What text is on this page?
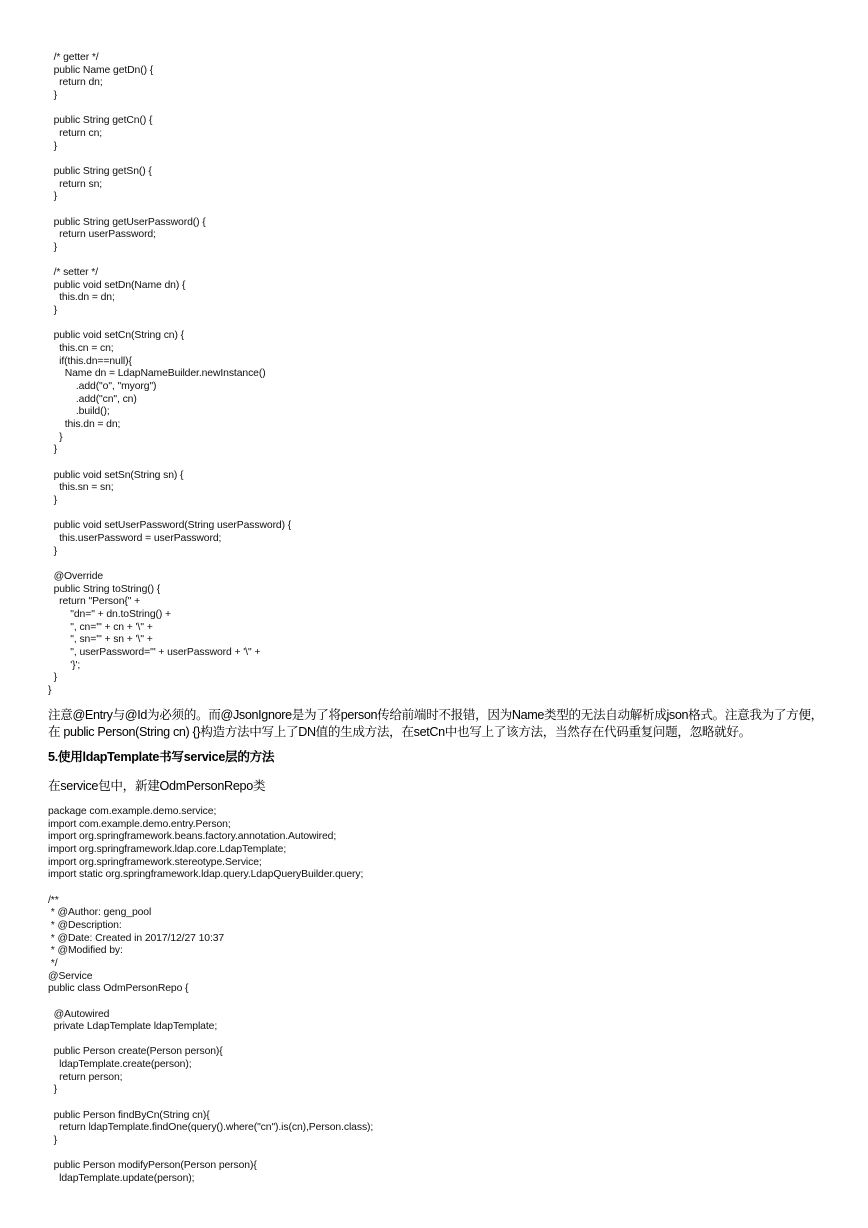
/* getter */
public Name getDn() {
return dn;
}

public String getCn() {
return cn;
}

public String getSn() {
return sn;
}

public String getUserPassword() {
return userPassword;
}

/* setter */
public void setDn(Name dn) {
this.dn = dn;
}

public void setCn(String cn) {
this.cn = cn;
if(this.dn==null){
Name dn = LdapNameBuilder.newInstance()
.add("o", "myorg")
.add("cn", cn)
.build();
this.dn = dn;
}
}

public void setSn(String sn) {
this.sn = sn;
}

public void setUserPassword(String userPassword) {
this.userPassword = userPassword;
}

@Override
public String toString() {
return "Person{" +
"dn=" + dn.toString() +
", cn='" + cn + '\'' +
", sn='" + sn + '\'' +
", userPassword='" + userPassword + '\'' +
'}';
}
}

注意@Entry与@Id为必须的。而@JsonIgnore是为了将person传给前端时不报错，因为Name类型的无法自动解析成json格式。注意我为了方便，在 public Person(String cn) {}构造方法中写上了DN值的生成方法，在setCn中也写上了该方法，当然存在代码重复问题，忽略就好。

5.使用ldapTemplate书写service层的方法

在service包中，新建OdmPersonRepo类

package com.example.demo.service;
import com.example.demo.entry.Person;
import org.springframework.beans.factory.annotation.Autowired;
import org.springframework.ldap.core.LdapTemplate;
import org.springframework.stereotype.Service;
import static org.springframework.ldap.query.LdapQueryBuilder.query;

/**
* @Author: geng_pool
* @Description:
* @Date: Created in 2017/12/27 10:37
* @Modified by:
*/
@Service
public class OdmPersonRepo {

@Autowired
private LdapTemplate ldapTemplate;

public Person create(Person person){
ldapTemplate.create(person);
return person;
}

public Person findByCn(String cn){
return ldapTemplate.findOne(query().where("cn").is(cn),Person.class);
}

public Person modifyPerson(Person person){
ldapTemplate.update(person);
